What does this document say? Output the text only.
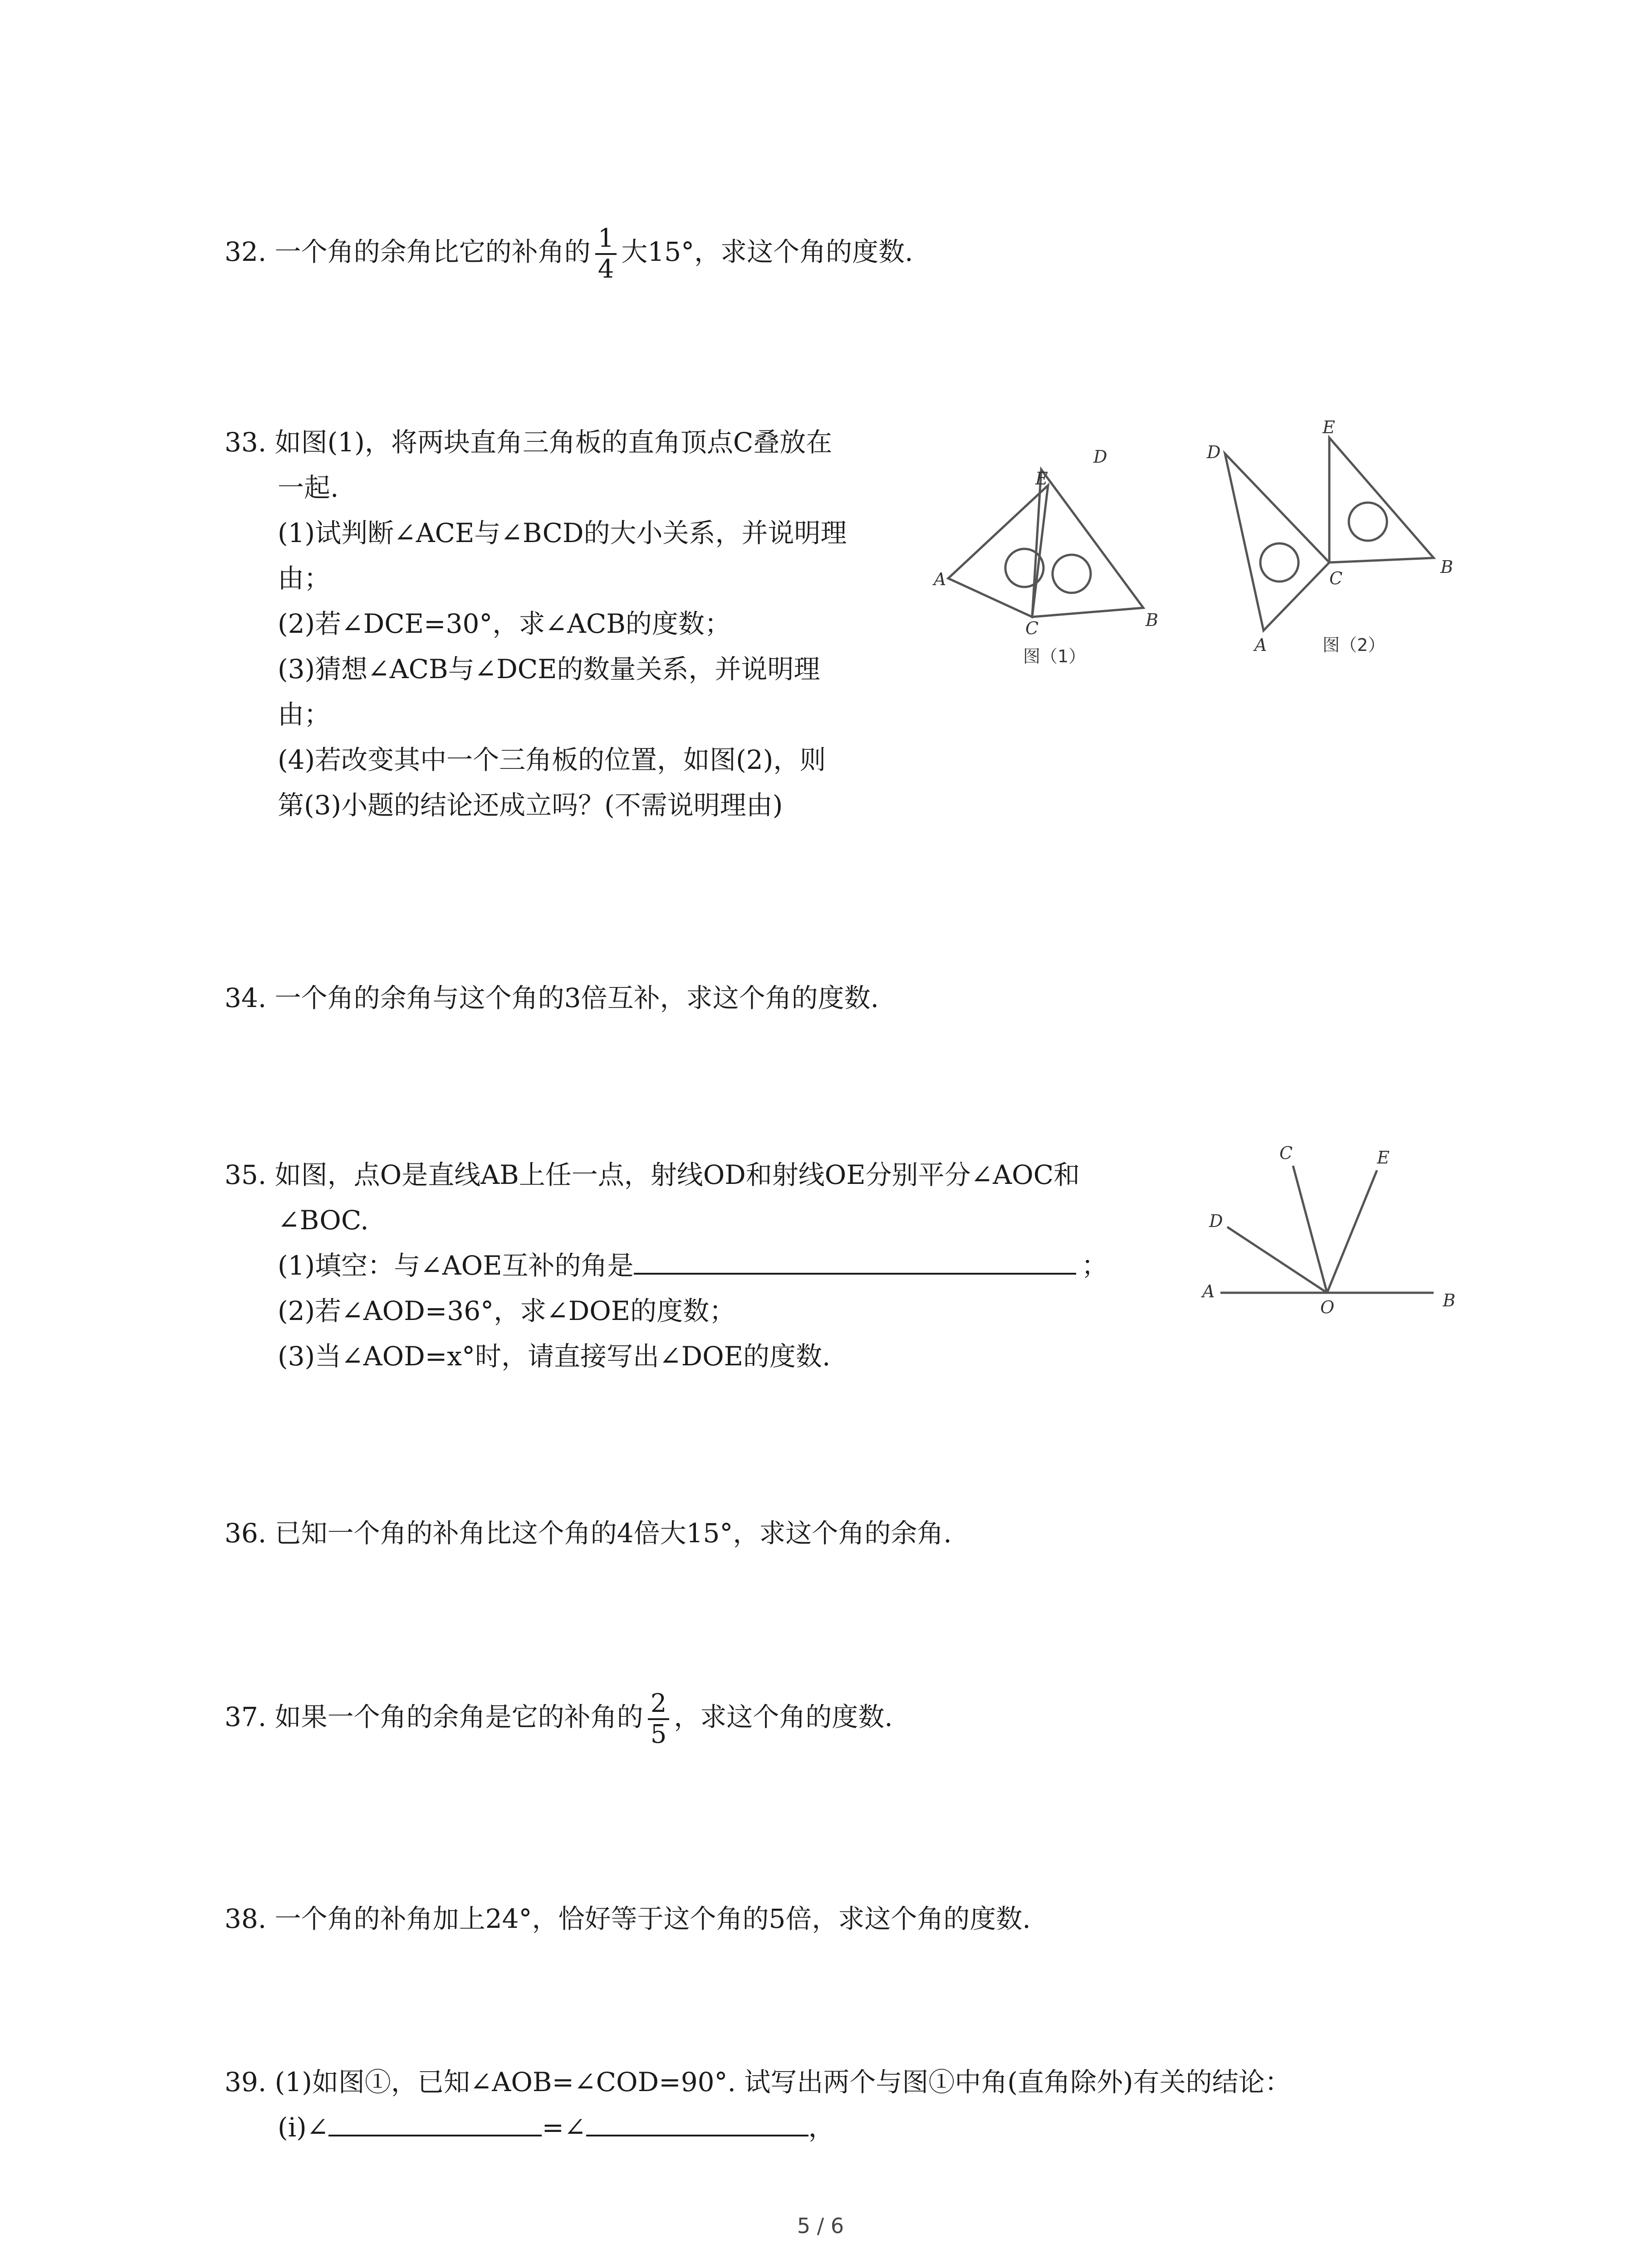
32. 一个角的余角比它的补角的 $\frac{1}{4}$ 大15°，求这个角的度数.
33. 如图(1)，将两块直角三角板的直角顶点C叠放在
一起.
(1)试判断∠ACE与∠BCD的大小关系，并说明理
由；
(2)若∠DCE=30°，求∠ACB的度数；
(3)猜想∠ACB与∠DCE的数量关系，并说明理
由；
(4)若改变其中一个三角板的位置，如图(2)，则
第(3)小题的结论还成立吗？(不需说明理由)
A
B
C
D
E
图（1）
D
A
C
B
E
图（2）
34. 一个角的余角与这个角的3倍互补，求这个角的度数.
35. 如图，点O是直线AB上任一点，射线OD和射线OE分别平分∠AOC和
∠BOC.
(1)填空：与∠AOE互补的角是	；
(2)若∠AOD=36°，求∠DOE的度数；
(3)当∠AOD=x°时，请直接写出∠DOE的度数.
A	B
C
D
E
O
36. 已知一个角的补角比这个角的4倍大15°，求这个角的余角.
37. 如果一个角的余角是它的补角的 $\frac{2}{5}$ ，求这个角的度数.
38. 一个角的补角加上24°，恰好等于这个角的5倍，求这个角的度数.
39. (1)如图①，已知∠AOB=∠COD=90°. 试写出两个与图①中角(直角除外)有关的结论：
(ⅰ)∠	=∠	，
5 / 6
